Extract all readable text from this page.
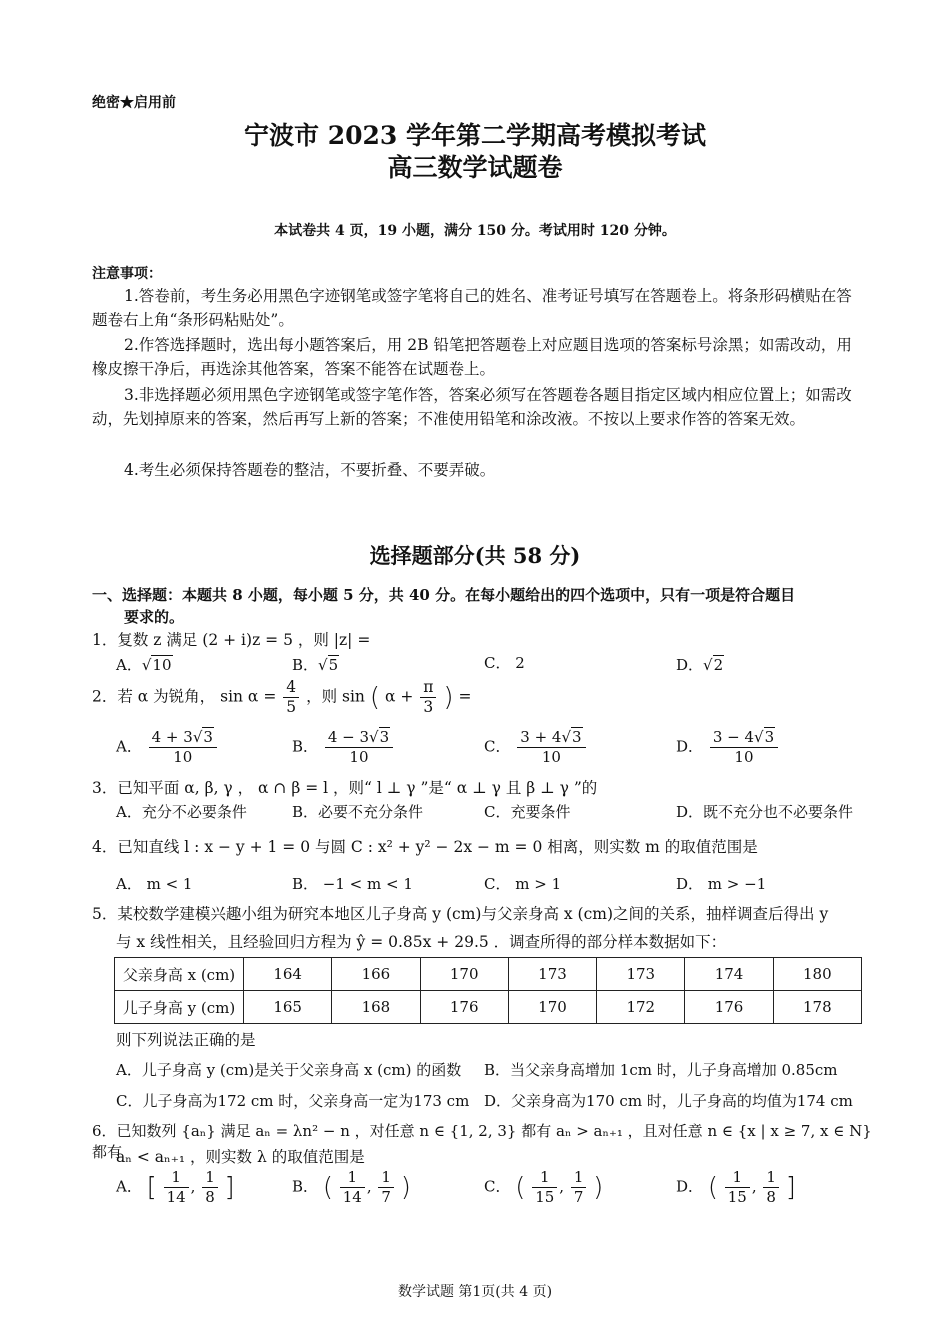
绝密★启用前
宁波市 2023 学年第二学期高考模拟考试
高三数学试题卷
本试卷共 4 页，19 小题，满分 150 分。考试用时 120 分钟。
注意事项：
1.答卷前，考生务必用黑色字迹钢笔或签字笔将自己的姓名、准考证号填写在答题卷上。将条形码横贴在答题卷右上角“条形码粘贴处”。
2.作答选择题时，选出每小题答案后，用 2B 铅笔把答题卷上对应题目选项的答案标号涂黑；如需改动，用橡皮擦干净后，再选涂其他答案，答案不能答在试题卷上。
3.非选择题必须用黑色字迹钢笔或签字笔作答，答案必须写在答题卷各题目指定区域内相应位置上；如需改动，先划掉原来的答案，然后再写上新的答案；不准使用铅笔和涂改液。不按以上要求作答的答案无效。
4.考生必须保持答题卷的整洁，不要折叠、不要弄破。
选择题部分(共 58 分)
一、选择题：本题共 8 小题，每小题 5 分，共 40 分。在每小题给出的四个选项中，只有一项是符合题目
要求的。
1．复数 z 满足 (2 + i)z = 5 ，则 |z| =
A．√10	B．√5	C． 2	D．√2
2．若 α 为锐角， $\sin \alpha = \frac{4}{5}$ ，则 sin ( $\alpha + \frac{\pi}{3}$ ) =
A． $\frac{4 + 3√3}{10}$	B． $\frac{4 - 3√3}{10}$	C． $\frac{3 + 4√3}{10}$	D． $\frac{3 - 4√3}{10}$
3．已知平面 α, β, γ ， α ∩ β = l ，则“ l ⊥ γ ”是“ α ⊥ γ 且 β ⊥ γ ”的
A．充分不必要条件	B．必要不充分条件	C．充要条件	D．既不充分也不必要条件
4．已知直线 l : x − y + 1 = 0 与圆 C : x² + y² − 2x − m = 0 相离，则实数 m 的取值范围是
A． m < 1	B． −1 < m < 1	C． m > 1	D． m > −1
5．某校数学建模兴趣小组为研究本地区儿子身高 y (cm)与父亲身高 x (cm)之间的关系，抽样调查后得出 y
与 x 线性相关，且经验回归方程为 ŷ = 0.85x + 29.5 ．调查所得的部分样本数据如下：
父亲身高 x (cm)	164	166	170	173	173	174	180
儿子身高 y (cm)	165	168	176	170	172	176	178
则下列说法正确的是
A．儿子身高 y (cm)是关于父亲身高 x (cm) 的函数 B．当父亲身高增加 1cm 时，儿子身高增加 0.85cm
C．儿子身高为172 cm 时，父亲身高一定为173 cm D．父亲身高为170 cm 时，儿子身高的均值为174 cm
6．已知数列 {aₙ} 满足 aₙ = λn² − n ，对任意 n ∈ {1, 2, 3} 都有 aₙ > aₙ₊₁ ，且对任意 n ∈ {x | x ≥ 7, x ∈ N} 都有
aₙ < aₙ₊₁ ，则实数 λ 的取值范围是
A． [ $\frac{1}{14}$ , $\frac{1}{8}$ ]	B． ( $\frac{1}{14}$ , $\frac{1}{7}$ )	C． ( $\frac{1}{15}$ , $\frac{1}{7}$ )	D． ( $\frac{1}{15}$ , $\frac{1}{8}$ ]
数学试题 第1页(共 4 页)
